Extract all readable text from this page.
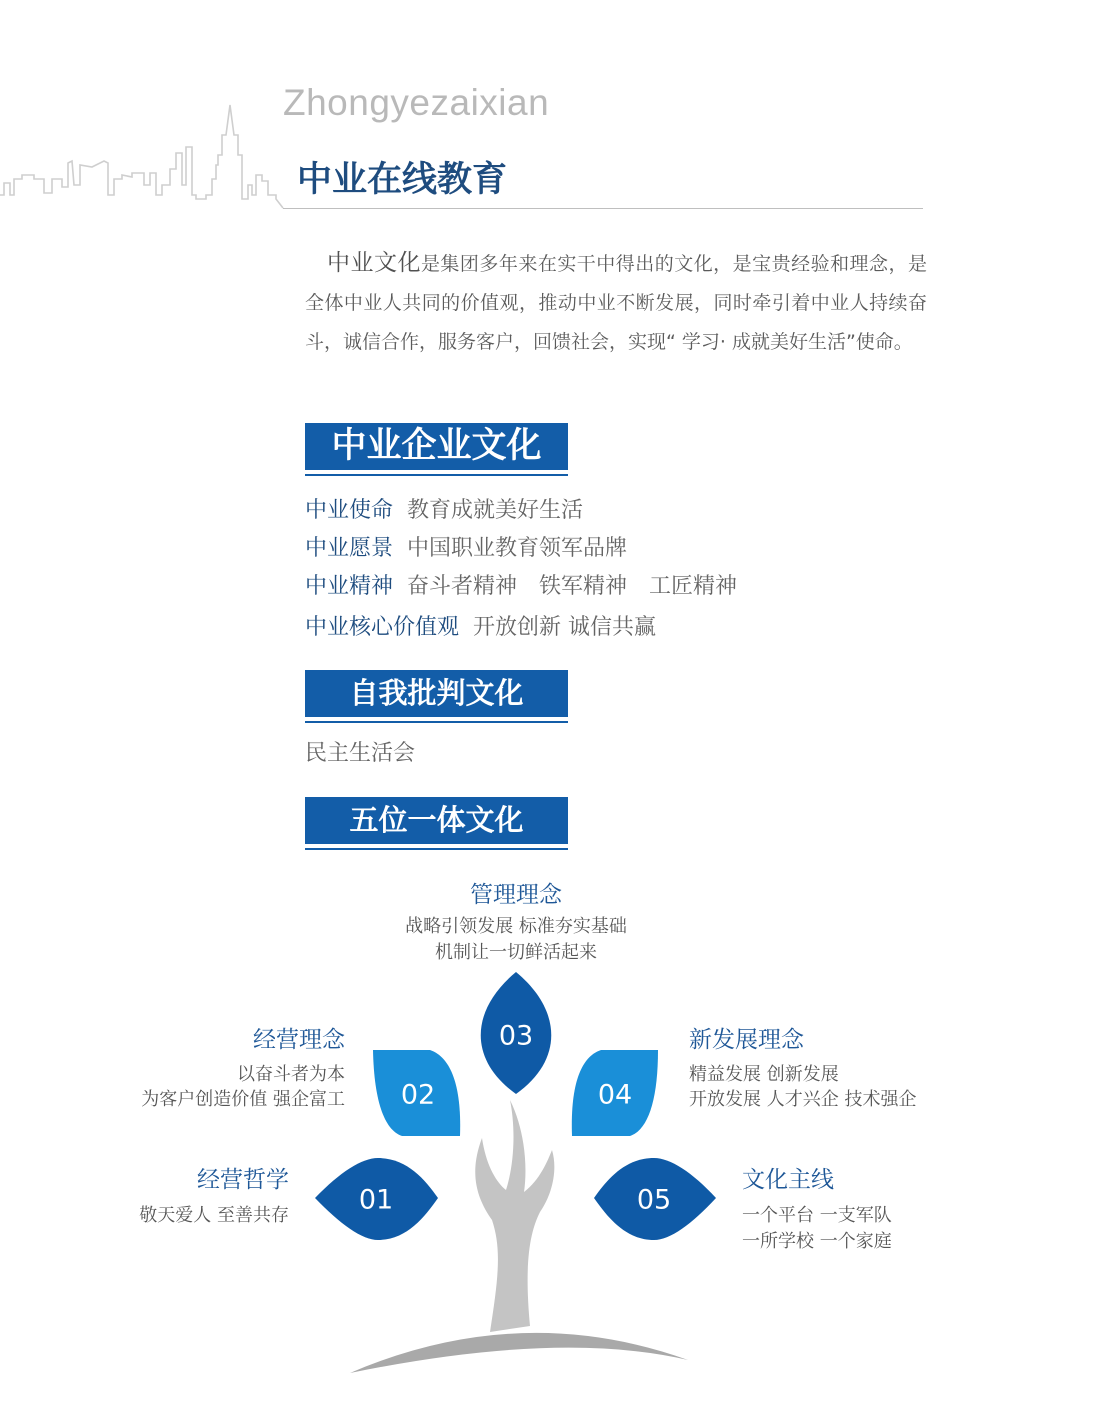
Zhongyezaixian
中业在线教育
中业文化是集团多年来在实干中得出的文化，是宝贵经验和理念，是全体中业人共同的价值观，推动中业不断发展，同时牵引着中业人持续奋斗，诚信合作，服务客户，回馈社会，实现“ 学习· 成就美好生活”使命。
中业企业文化
中业使命 教育成就美好生活
中业愿景 中国职业教育领军品牌
中业精神 奋斗者精神　铁军精神　工匠精神
中业核心价值观 开放创新 诚信共赢
自我批判文化
民主生活会
五位一体文化
03
02	04
01	05
管理理念
战略引领发展 标准夯实基础
机制让一切鲜活起来
经营理念
以奋斗者为本
为客户创造价值 强企富工
新发展理念
精益发展 创新发展
开放发展 人才兴企 技术强企
经营哲学
敬天爱人 至善共存
文化主线
一个平台 一支军队
一所学校 一个家庭
